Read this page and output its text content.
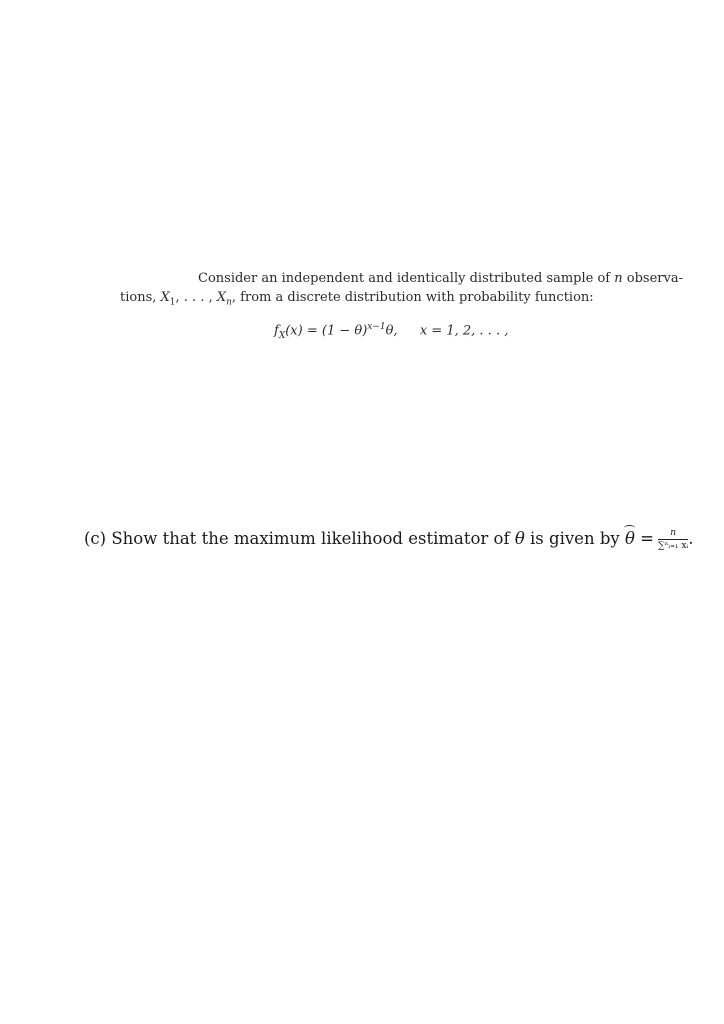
Consider an independent and identically distributed sample of n observa-
tions, $X_1$, . . . , $X_n$, from a discrete distribution with probability function:
$f_X(x) = (1 - \theta)^{x-1}\theta$, x = 1, 2, . . . ,
(c) Show that the maximum likelihood estimator of θ is given by $\theta = \frac{n}{\text{∑ⁿᵢ₌₁ xᵢ}}$ .
